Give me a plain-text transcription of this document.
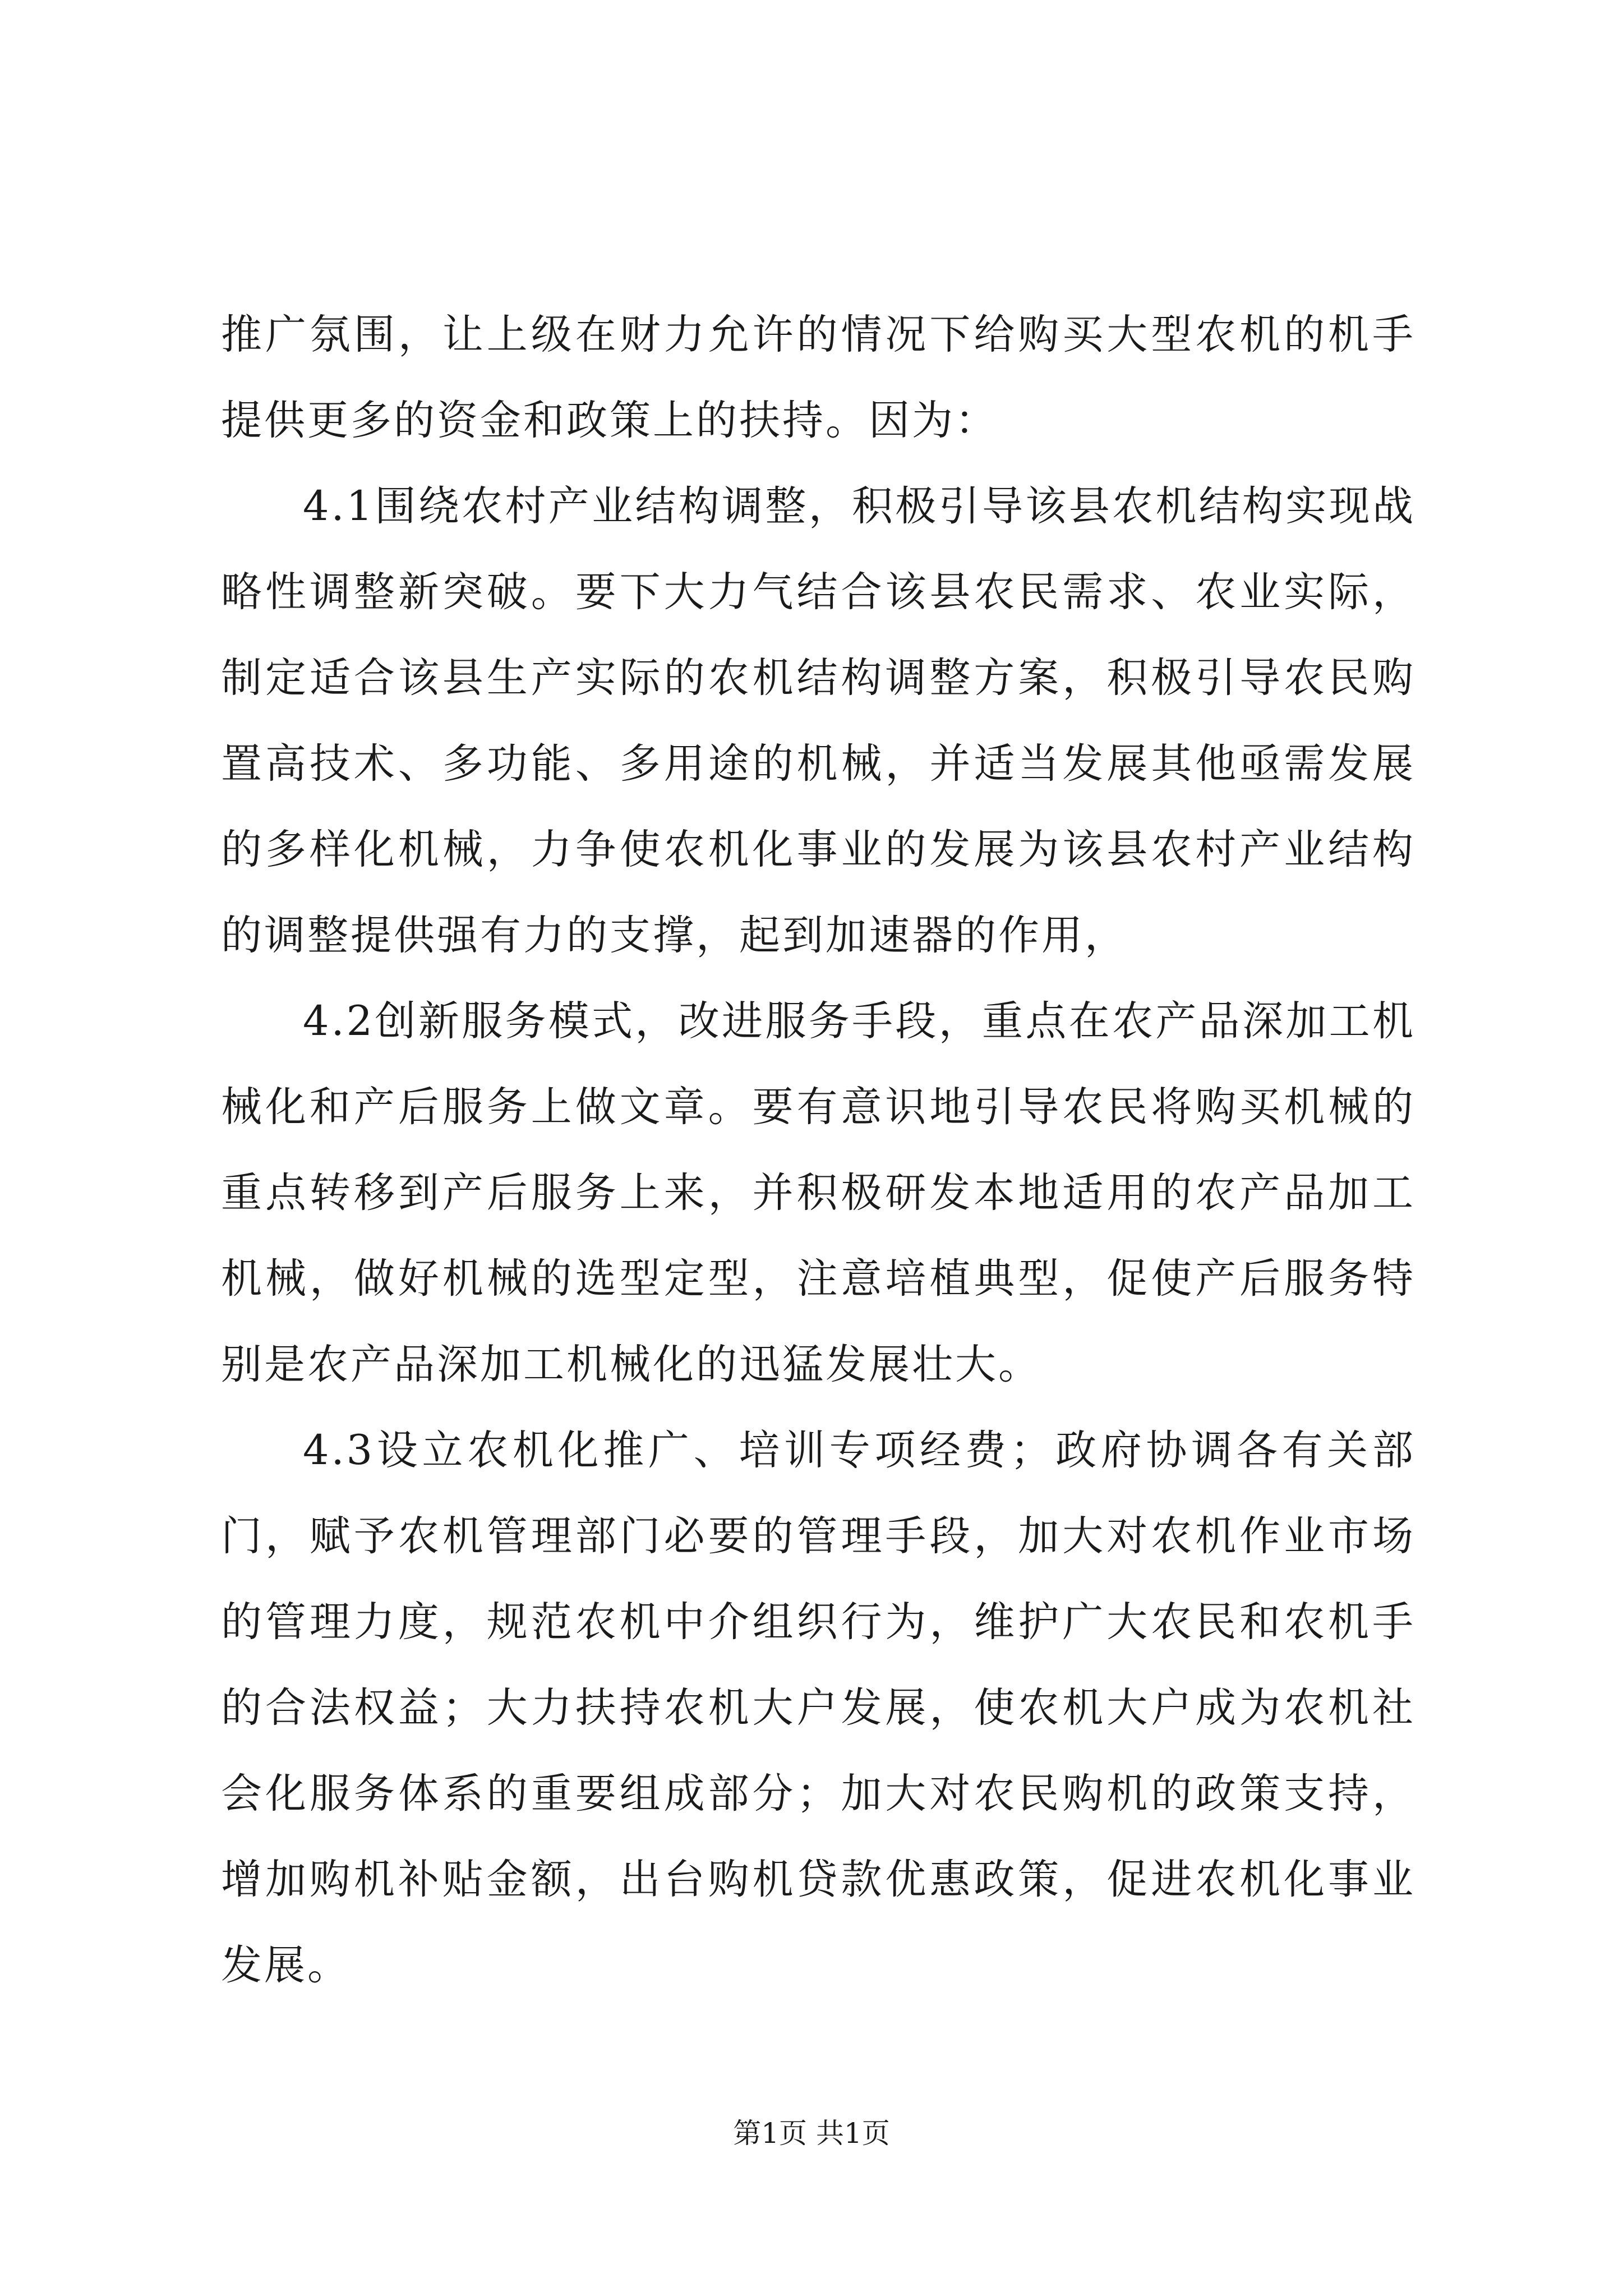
推广氛围，让上级在财力允许的情况下给购买大型农机的机手提供更多的资金和政策上的扶持。因为：

4.1围绕农村产业结构调整，积极引导该县农机结构实现战略性调整新突破。要下大力气结合该县农民需求、农业实际，制定适合该县生产实际的农机结构调整方案，积极引导农民购置高技术、多功能、多用途的机械，并适当发展其他亟需发展的多样化机械，力争使农机化事业的发展为该县农村产业结构的调整提供强有力的支撑，起到加速器的作用，

4.2创新服务模式，改进服务手段，重点在农产品深加工机械化和产后服务上做文章。要有意识地引导农民将购买机械的重点转移到产后服务上来，并积极研发本地适用的农产品加工机械，做好机械的选型定型，注意培植典型，促使产后服务特别是农产品深加工机械化的迅猛发展壮大。

4.3设立农机化推广、培训专项经费；政府协调各有关部门，赋予农机管理部门必要的管理手段，加大对农机作业市场的管理力度，规范农机中介组织行为，维护广大农民和农机手的合法权益；大力扶持农机大户发展，使农机大户成为农机社会化服务体系的重要组成部分；加大对农民购机的政策支持，增加购机补贴金额，出台购机贷款优惠政策，促进农机化事业发展。

第1页 共1页
